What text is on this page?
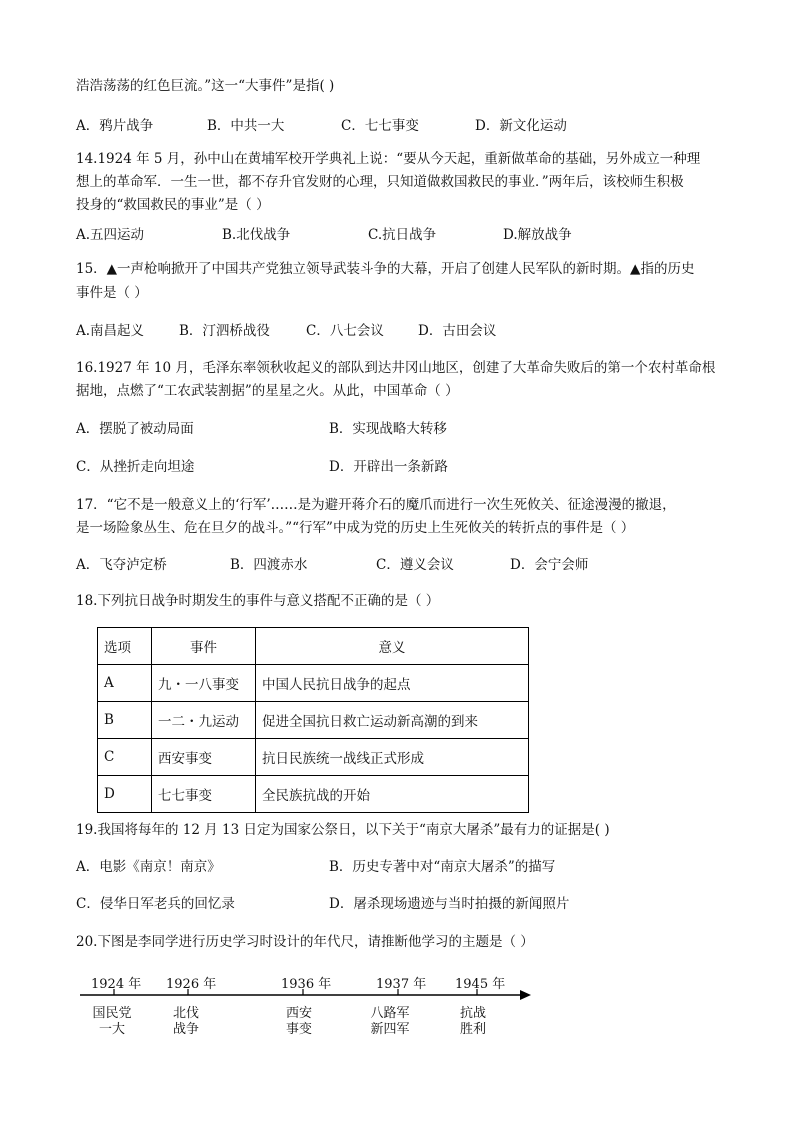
浩浩荡荡的红色巨流。”这一“大事件”是指( )
A．鸦片战争	B．中共一大	C．七七事变	D．新文化运动
14.1924 年 5 月，孙中山在黄埔军校开学典礼上说：“要从今天起，重新做革命的基础，另外成立一种理
想上的革命军．一生一世，都不存升官发财的心理，只知道做救国救民的事业．”两年后，该校师生积极
投身的“救国救民的事业”是（ ）
A.五四运动	B.北伐战争	C.抗日战争	D.解放战争
15．▲一声枪响掀开了中国共产党独立领导武装斗争的大幕，开启了创建人民军队的新时期。▲指的历史
事件是（ ）
A.南昌起义	B．汀泗桥战役	C．八七会议	D．古田会议
16.1927 年 10 月，毛泽东率领秋收起义的部队到达井冈山地区，创建了大革命失败后的第一个农村革命根
据地，点燃了“工农武装割据”的星星之火。从此，中国革命（ ）
A．摆脱了被动局面	B．实现战略大转移
C．从挫折走向坦途	D．开辟出一条新路
17．“它不是一般意义上的‘行军’……是为避开蒋介石的魔爪而进行一次生死攸关、征途漫漫的撤退，
是一场险象丛生、危在旦夕的战斗。”“行军”中成为党的历史上生死攸关的转折点的事件是（ ）
A．飞夺泸定桥	B．四渡赤水	C．遵义会议	D．会宁会师
18.下列抗日战争时期发生的事件与意义搭配不正确的是（ ）
选项	事件	意义
A	九・一八事变	中国人民抗日战争的起点
B	一二・九运动	促进全国抗日救亡运动新高潮的到来
C	西安事变	抗日民族统一战线正式形成
D	七七事变	全民族抗战的开始
19.我国将每年的 12 月 13 日定为国家公祭日，以下关于“南京大屠杀”最有力的证据是( )
A．电影《南京！南京》	B．历史专著中对“南京大屠杀”的描写
C．侵华日军老兵的回忆录	D．屠杀现场遗迹与当时拍摄的新闻照片
20.下图是李同学进行历史学习时设计的年代尺，请推断他学习的主题是（ ）
1924 年 1926 年	1936 年	1937 年 1945 年
国民党
一大
北伐
战争
西安
事变
八路军
新四军
抗战
胜利
